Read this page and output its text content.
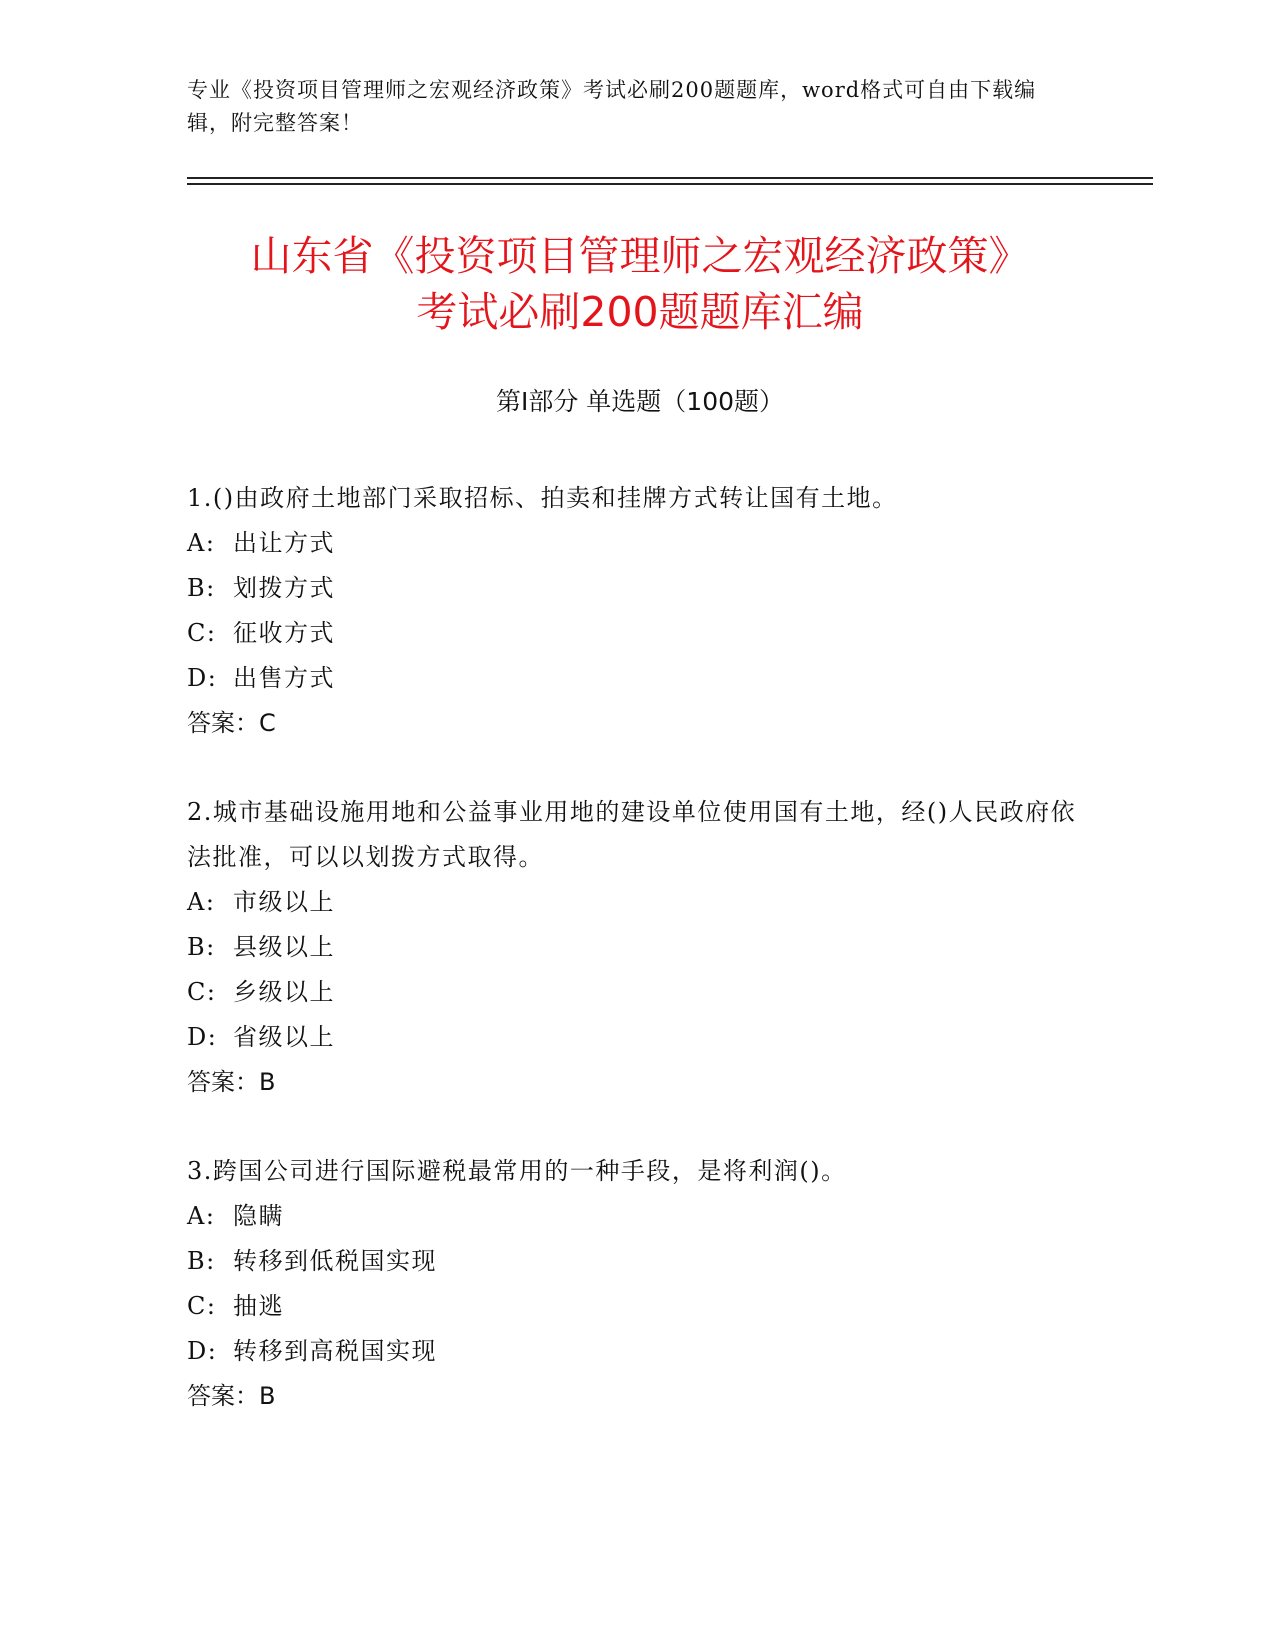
专业《投资项目管理师之宏观经济政策》考试必刷200题题库，word格式可自由下载编辑，附完整答案！
山东省《投资项目管理师之宏观经济政策》
考试必刷200题题库汇编
第Ⅰ部分 单选题（100题）
1.()由政府土地部门采取招标、拍卖和挂牌方式转让国有土地。
A: 出让方式
B: 划拨方式
C: 征收方式
D: 出售方式
答案：C
2.城市基础设施用地和公益事业用地的建设单位使用国有土地，经()人民政府依法批准，可以以划拨方式取得。
A: 市级以上
B: 县级以上
C: 乡级以上
D: 省级以上
答案：B
3.跨国公司进行国际避税最常用的一种手段，是将利润()。
A: 隐瞒
B: 转移到低税国实现
C: 抽逃
D: 转移到高税国实现
答案：B
